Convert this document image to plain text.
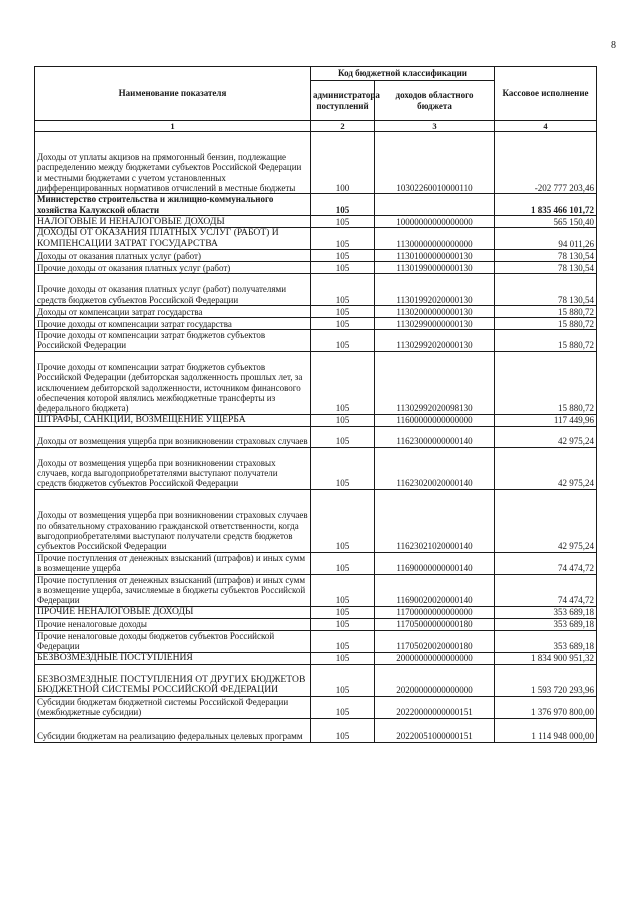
8
Наименование показателя	Код бюджетной классификации		Кассовое исполнение
	администратора поступлений	доходов областного бюджета	
1	2	3	4
Доходы от уплаты акцизов на прямогонный бензин, подлежащие распределению между бюджетами субъектов Российской Федерации и местными бюджетами с учетом установленных дифференцированных нормативов отчислений в местные бюджеты	100	10302260010000110	-202 777 203,46
Министерство строительства и жилищно-коммунального хозяйства Калужской области	105		1 835 466 101,72
НАЛОГОВЫЕ И НЕНАЛОГОВЫЕ ДОХОДЫ	105	10000000000000000	565 150,40
ДОХОДЫ ОТ ОКАЗАНИЯ ПЛАТНЫХ УСЛУГ (РАБОТ) И КОМПЕНСАЦИИ ЗАТРАТ ГОСУДАРСТВА	105	11300000000000000	94 011,26
Доходы от оказания платных услуг (работ)	105	11301000000000130	78 130,54
Прочие доходы от оказания платных услуг (работ)	105	11301990000000130	78 130,54
Прочие доходы от оказания платных услуг (работ) получателями средств бюджетов субъектов Российской Федерации	105	11301992020000130	78 130,54
Доходы от компенсации затрат государства	105	11302000000000130	15 880,72
Прочие доходы от компенсации затрат государства	105	11302990000000130	15 880,72
Прочие доходы от компенсации затрат бюджетов субъектов Российской Федерации	105	11302992020000130	15 880,72
Прочие доходы от компенсации затрат бюджетов субъектов Российской Федерации (дебиторская задолженность прошлых лет, за исключением дебиторской задолженности, источником финансового обеспечения которой являлись межбюджетные трансферты из федерального бюджета)	105	11302992020098130	15 880,72
ШТРАФЫ, САНКЦИИ, ВОЗМЕЩЕНИЕ УЩЕРБА	105	11600000000000000	117 449,96
Доходы от возмещения ущерба при возникновении страховых случаев	105	11623000000000140	42 975,24
Доходы от возмещения ущерба при возникновении страховых случаев, когда выгодоприобретателями выступают получатели средств бюджетов субъектов Российской Федерации	105	11623020020000140	42 975,24
Доходы от возмещения ущерба при возникновении страховых случаев по обязательному страхованию гражданской ответственности, когда выгодоприобретателями выступают получатели средств бюджетов субъектов Российской Федерации	105	11623021020000140	42 975,24
Прочие поступления от денежных взысканий (штрафов) и иных сумм в возмещение ущерба	105	11690000000000140	74 474,72
Прочие поступления от денежных взысканий (штрафов) и иных сумм в возмещение ущерба, зачисляемые в бюджеты субъектов Российской Федерации	105	11690020020000140	74 474,72
ПРОЧИЕ НЕНАЛОГОВЫЕ ДОХОДЫ	105	11700000000000000	353 689,18
Прочие неналоговые доходы	105	11705000000000180	353 689,18
Прочие неналоговые доходы бюджетов субъектов Российской Федерации	105	11705020020000180	353 689,18
БЕЗВОЗМЕЗДНЫЕ ПОСТУПЛЕНИЯ	105	20000000000000000	1 834 900 951,32
БЕЗВОЗМЕЗДНЫЕ ПОСТУПЛЕНИЯ ОТ ДРУГИХ БЮДЖЕТОВ БЮДЖЕТНОЙ СИСТЕМЫ РОССИЙСКОЙ ФЕДЕРАЦИИ	105	20200000000000000	1 593 720 293,96
Субсидии бюджетам бюджетной системы Российской Федерации (межбюджетные субсидии)	105	20220000000000151	1 376 970 800,00
Субсидии бюджетам на реализацию федеральных целевых программ	105	20220051000000151	1 114 948 000,00
